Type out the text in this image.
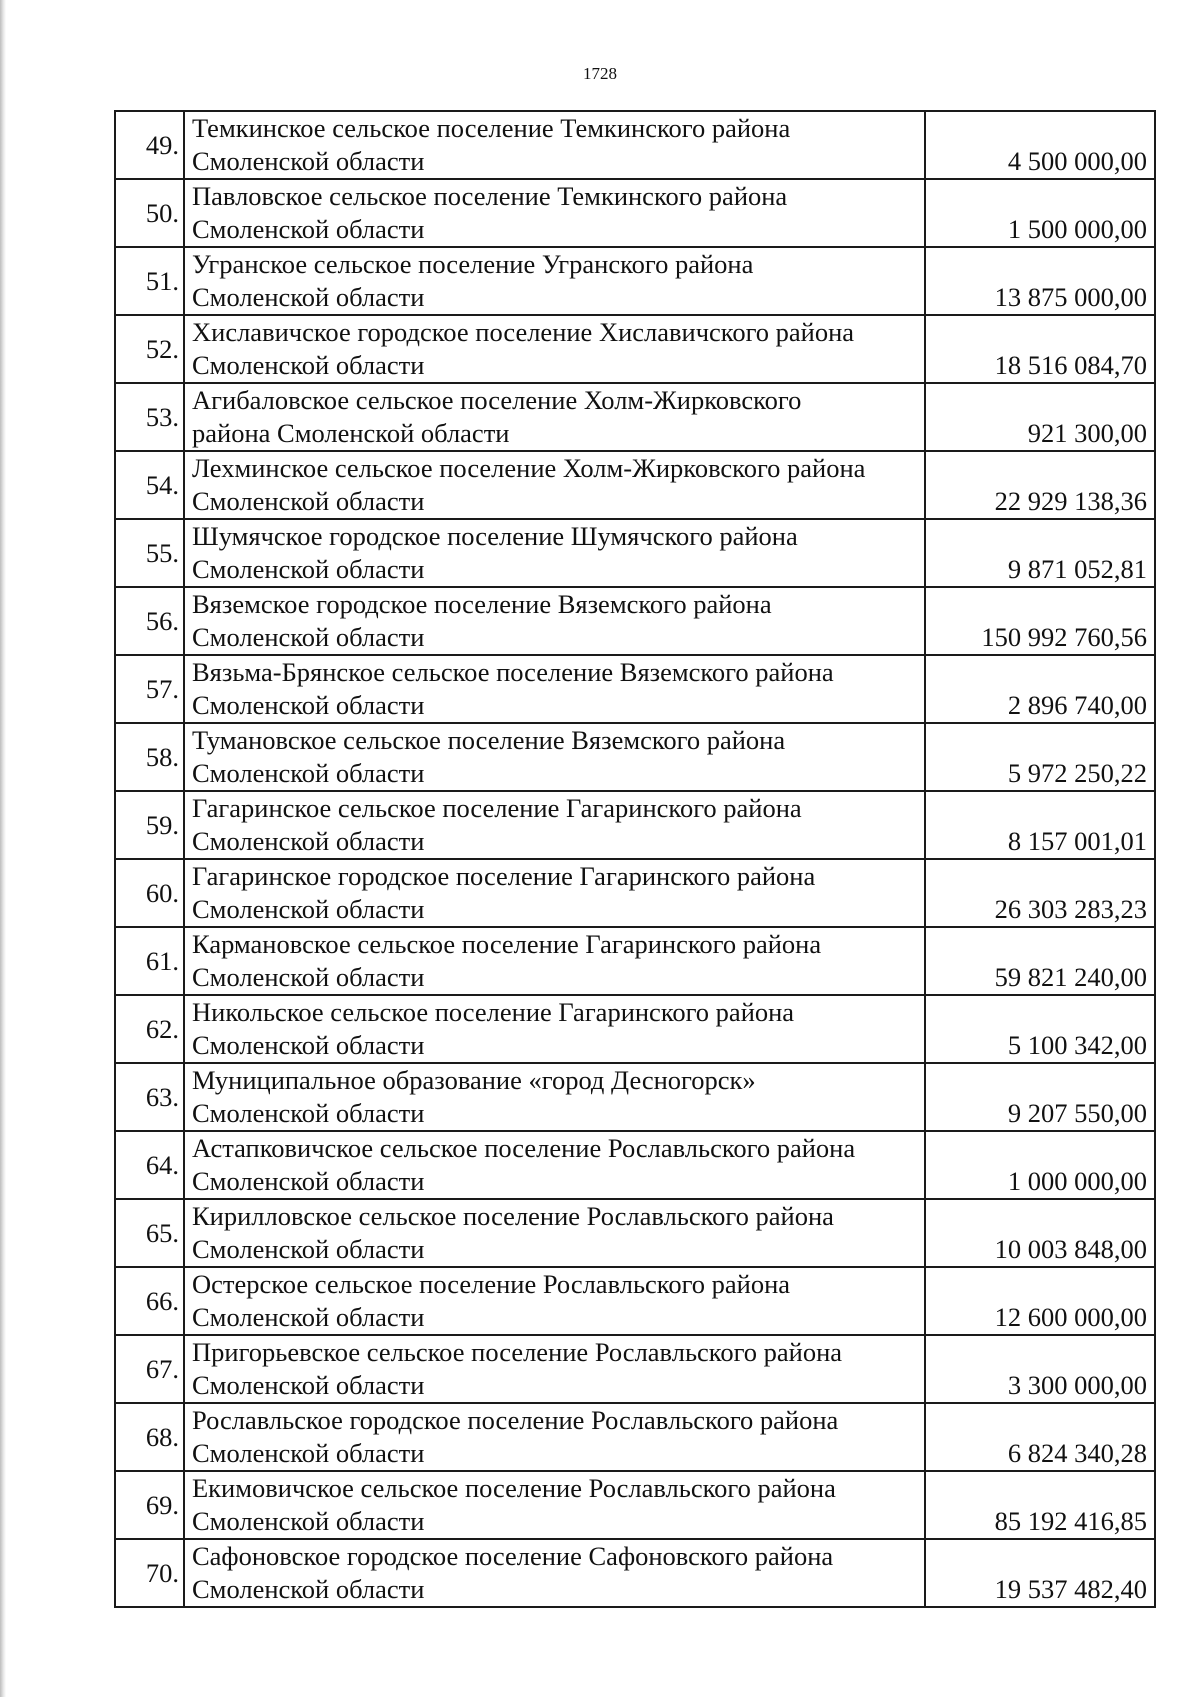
1728
49.	Темкинское сельское поселение Темкинского района
Смоленской области	4 500 000,00
50.	Павловское сельское поселение Темкинского района
Смоленской области	1 500 000,00
51.	Угранское сельское поселение Угранского района
Смоленской области	13 875 000,00
52.	Хиславичское городское поселение Хиславичского района
Смоленской области	18 516 084,70
53.	Агибаловское сельское поселение Холм-Жирковского
района Смоленской области	921 300,00
54.	Лехминское сельское поселение Холм-Жирковского района
Смоленской области	22 929 138,36
55.	Шумячское городское поселение Шумячского района
Смоленской области	9 871 052,81
56.	Вяземское городское поселение Вяземского района
Смоленской области	150 992 760,56
57.	Вязьма-Брянское сельское поселение Вяземского района
Смоленской области	2 896 740,00
58.	Тумановское сельское поселение Вяземского района
Смоленской области	5 972 250,22
59.	Гагаринское сельское поселение Гагаринского района
Смоленской области	8 157 001,01
60.	Гагаринское городское поселение Гагаринского района
Смоленской области	26 303 283,23
61.	Кармановское сельское поселение Гагаринского района
Смоленской области	59 821 240,00
62.	Никольское сельское поселение Гагаринского района
Смоленской области	5 100 342,00
63.	Муниципальное образование «город Десногорск»
Смоленской области	9 207 550,00
64.	Астапковичское сельское поселение Рославльского района
Смоленской области	1 000 000,00
65.	Кирилловское сельское поселение Рославльского района
Смоленской области	10 003 848,00
66.	Остерское сельское поселение Рославльского района
Смоленской области	12 600 000,00
67.	Пригорьевское сельское поселение Рославльского района
Смоленской области	3 300 000,00
68.	Рославльское городское поселение Рославльского района
Смоленской области	6 824 340,28
69.	Екимовичское сельское поселение Рославльского района
Смоленской области	85 192 416,85
70.	Сафоновское городское поселение Сафоновского района
Смоленской области	19 537 482,40
